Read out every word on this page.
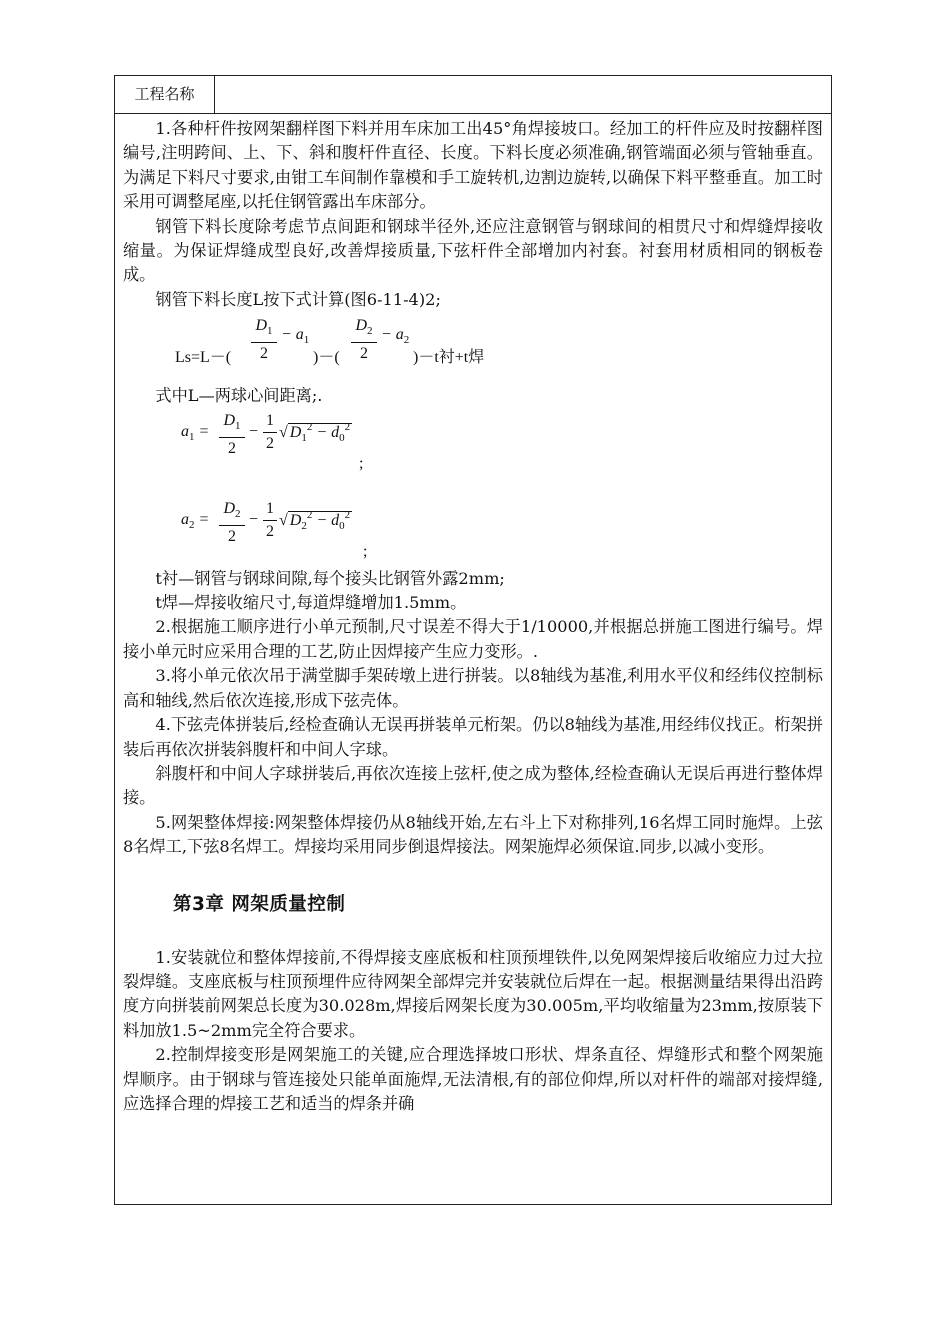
工程名称

1.各种杆件按网架翻样图下料并用车床加工出45°角焊接坡口。经加工的杆件应及时按翻样图编号,注明跨间、上、下、斜和腹杆件直径、长度。下料长度必须准确,钢管端面必须与管轴垂直。为满足下料尺寸要求,由钳工车间制作靠模和手工旋转机,边割边旋转,以确保下料平整垂直。加工时采用可调整尾座,以托住钢管露出车床部分。

钢管下料长度除考虑节点间距和钢球半径外,还应注意钢管与钢球间的相贯尺寸和焊缝焊接收缩量。为保证焊缝成型良好,改善焊接质量,下弦杆件全部增加内衬套。衬套用材质相同的钢板卷成。

钢管下料长度L按下式计算(图6-11-4)2;

Ls=L－(
$D_1$
2
− $a_1$
)－(
$D_2$
2
− $a_2$
)－t衬+t焊

式中L—两球心间距离;.

$a_1$ =
$D_1$
2
−
1
2
√ $D_1^2 - d_0^2$
;
$a_2$ =
$D_2$
2
−
1
2
√ $D_2^2 - d_0^2$
;

t衬—钢管与钢球间隙,每个接头比钢管外露2mm;

t焊—焊接收缩尺寸,每道焊缝增加1.5mm。

2.根据施工顺序进行小单元预制,尺寸误差不得大于1/10000,并根据总拼施工图进行编号。焊接小单元时应采用合理的工艺,防止因焊接产生应力变形。.

3.将小单元依次吊于满堂脚手架砖墩上进行拼装。以8轴线为基准,利用水平仪和经纬仪控制标高和轴线,然后依次连接,形成下弦壳体。

4.下弦壳体拼装后,经检查确认无误再拼装单元桁架。仍以8轴线为基准,用经纬仪找正。桁架拼装后再依次拼装斜腹杆和中间人字球。

斜腹杆和中间人字球拼装后,再依次连接上弦杆,使之成为整体,经检查确认无误后再进行整体焊接。

5.网架整体焊接:网架整体焊接仍从8轴线开始,左右斗上下对称排列,16名焊工同时施焊。上弦8名焊工,下弦8名焊工。焊接均采用同步倒退焊接法。网架施焊必须保谊.同步,以减小变形。

第3章 网架质量控制

1.安装就位和整体焊接前,不得焊接支座底板和柱顶预埋铁件,以免网架焊接后收缩应力过大拉裂焊缝。支座底板与柱顶预埋件应待网架全部焊完并安装就位后焊在一起。根据测量结果得出沿跨度方向拼装前网架总长度为30.028m,焊接后网架长度为30.005m,平均收缩量为23mm,按原装下料加放1.5~2mm完全符合要求。

2.控制焊接变形是网架施工的关键,应合理选择坡口形状、焊条直径、焊缝形式和整个网架施焊顺序。由于钢球与管连接处只能单面施焊,无法清根,有的部位仰焊,所以对杆件的端部对接焊缝,应选择合理的焊接工艺和适当的焊条并确
